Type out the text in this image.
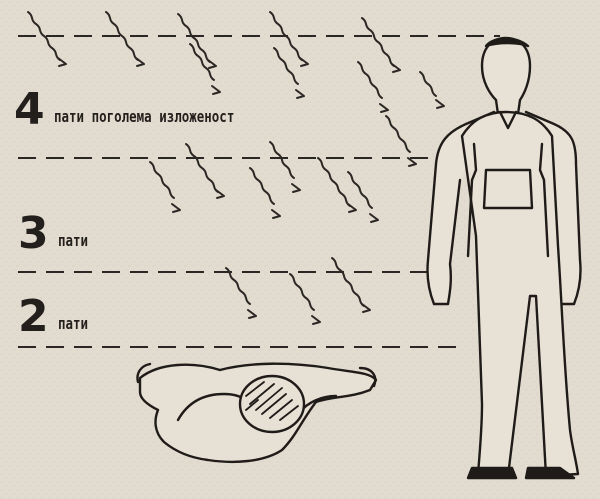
4 пати поголема изложеност
3 пати
2 пати
